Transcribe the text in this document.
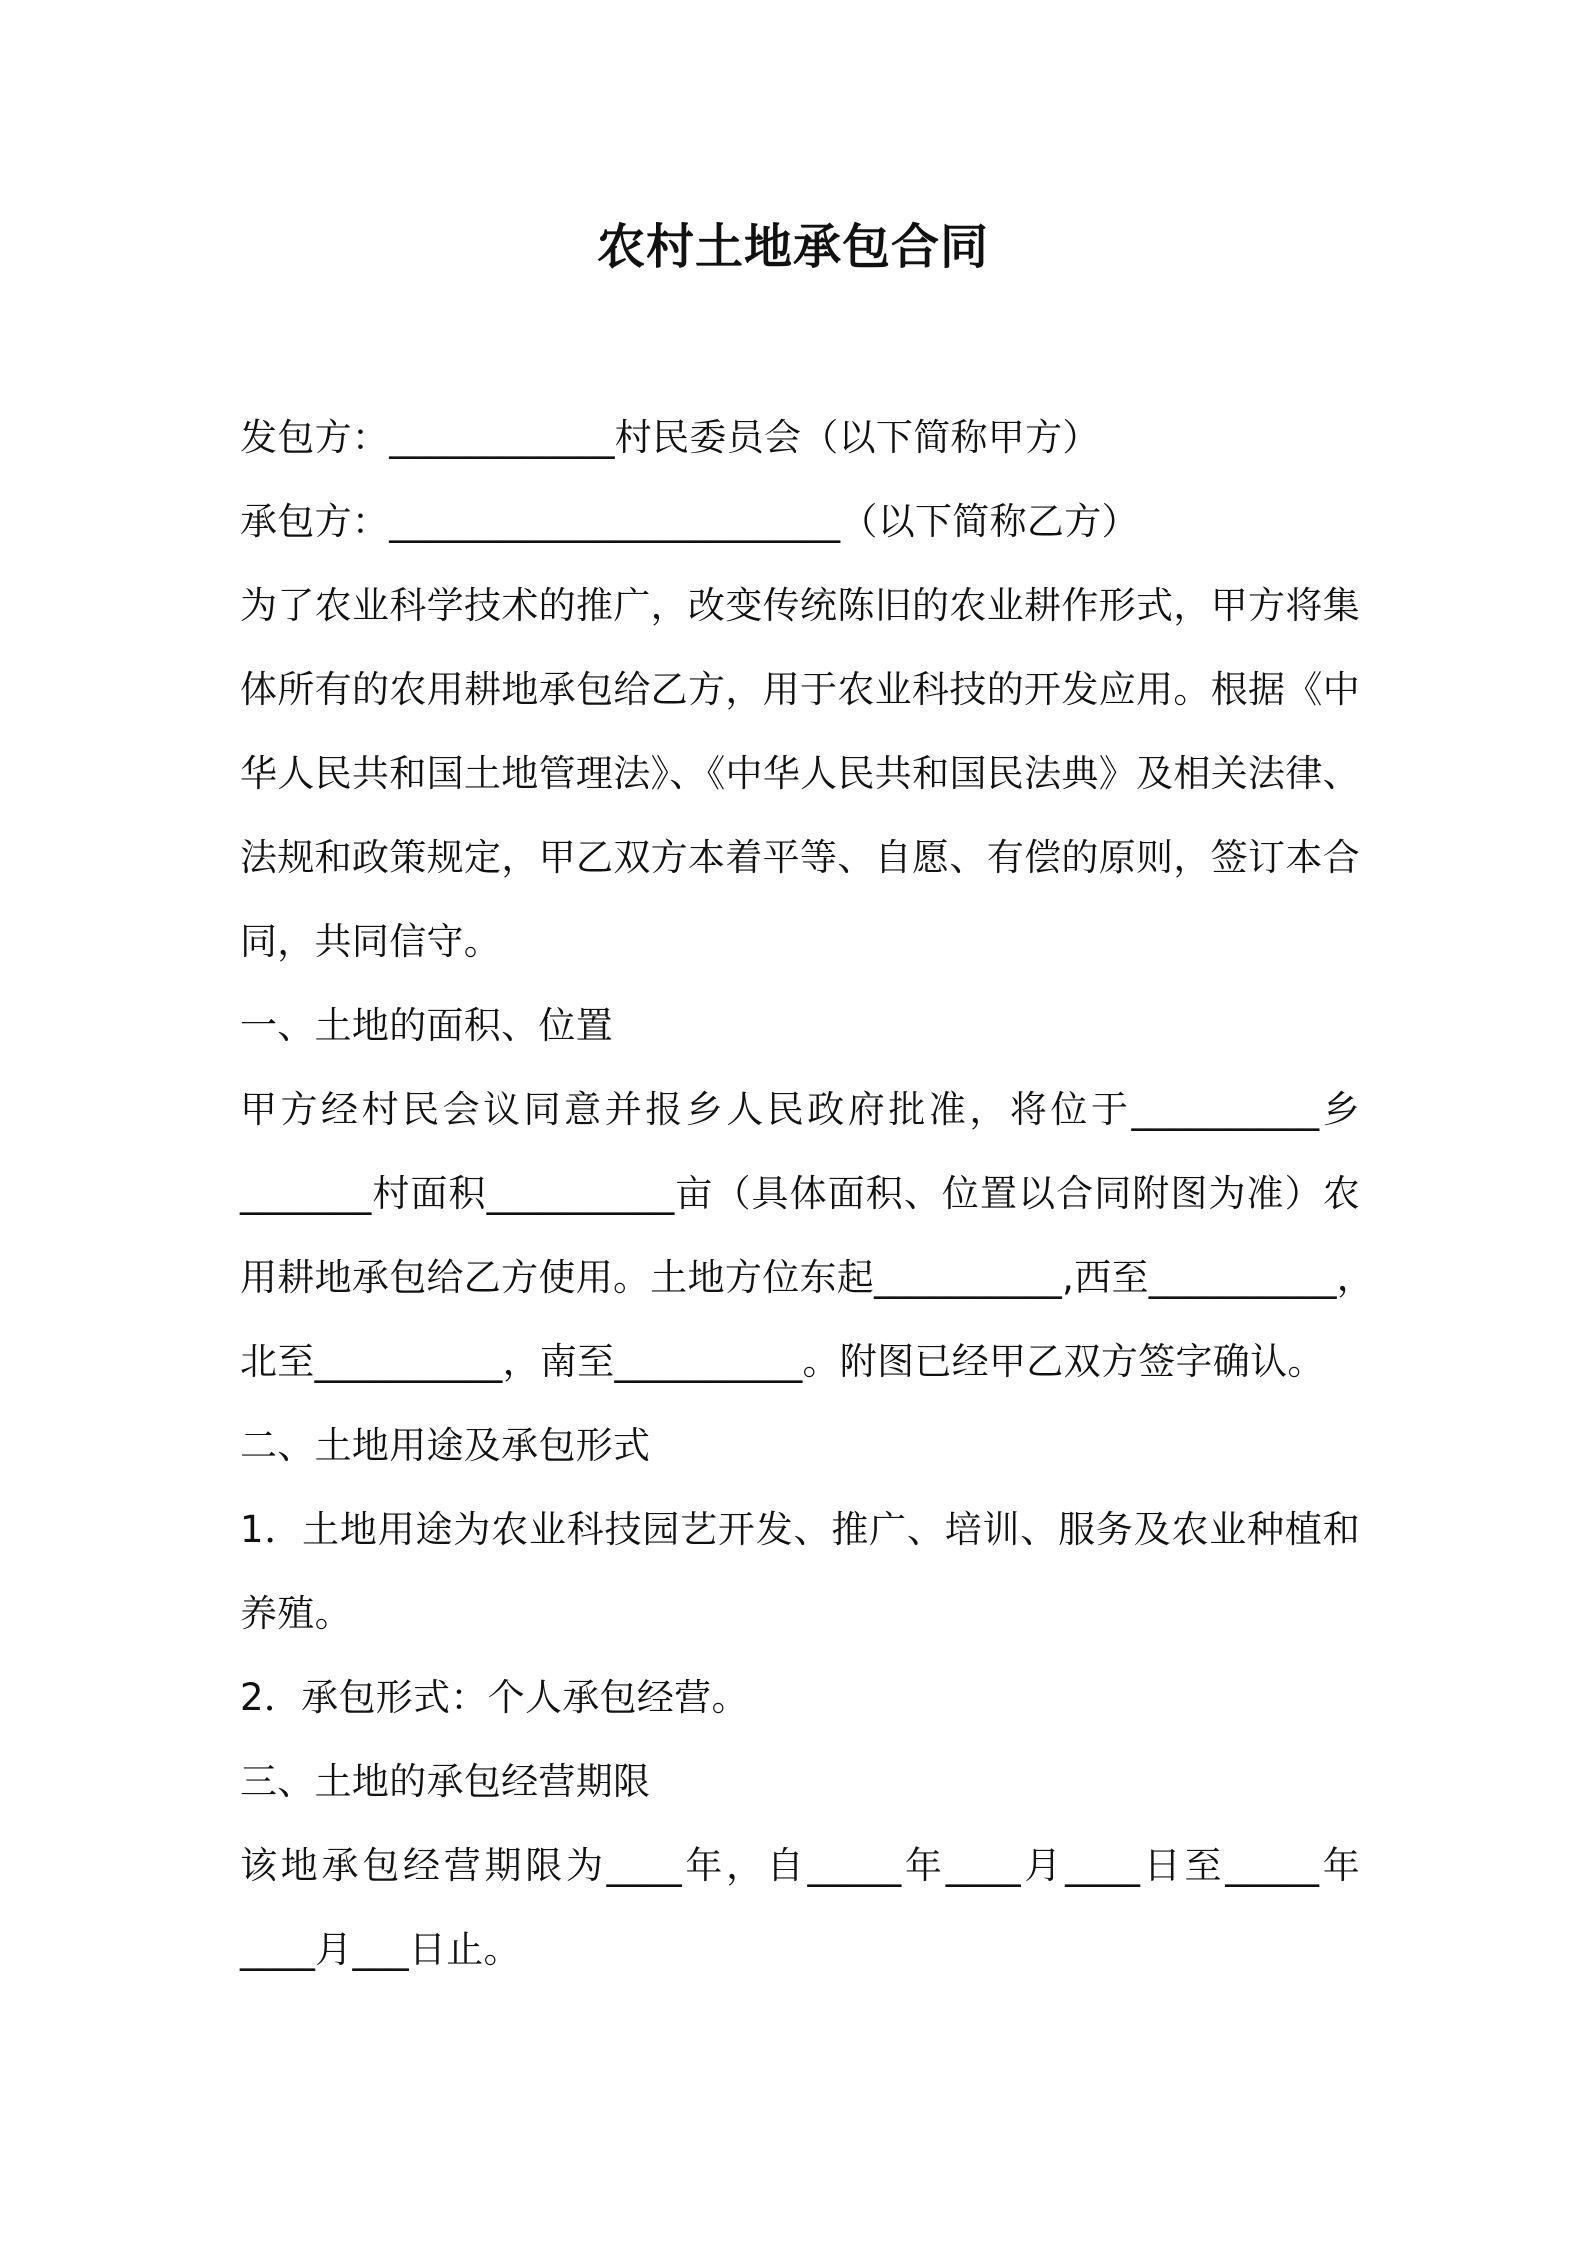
农村土地承包合同
发包方：____________村民委员会（以下简称甲方）
承包方：________________________（以下简称乙方）
为了农业科学技术的推广，改变传统陈旧的农业耕作形式，甲方将集
体所有的农用耕地承包给乙方，用于农业科技的开发应用。根据《中
华人民共和国土地管理法》、《中华人民共和国民法典》及相关法律、
法规和政策规定，甲乙双方本着平等、自愿、有偿的原则，签订本合
同，共同信守。
一、土地的面积、位置
甲方经村民会议同意并报乡人民政府批准，将位于__________乡
_______村面积__________亩（具体面积、位置以合同附图为准）农
用耕地承包给乙方使用。土地方位东起__________,西至__________，
北至__________，南至__________。附图已经甲乙双方签字确认。
二、土地用途及承包形式
1．土地用途为农业科技园艺开发、推广、培训、服务及农业种植和
养殖。
2．承包形式：个人承包经营。
三、土地的承包经营期限
该地承包经营期限为____年，自_____年____月____日至_____年
____月___日止。
